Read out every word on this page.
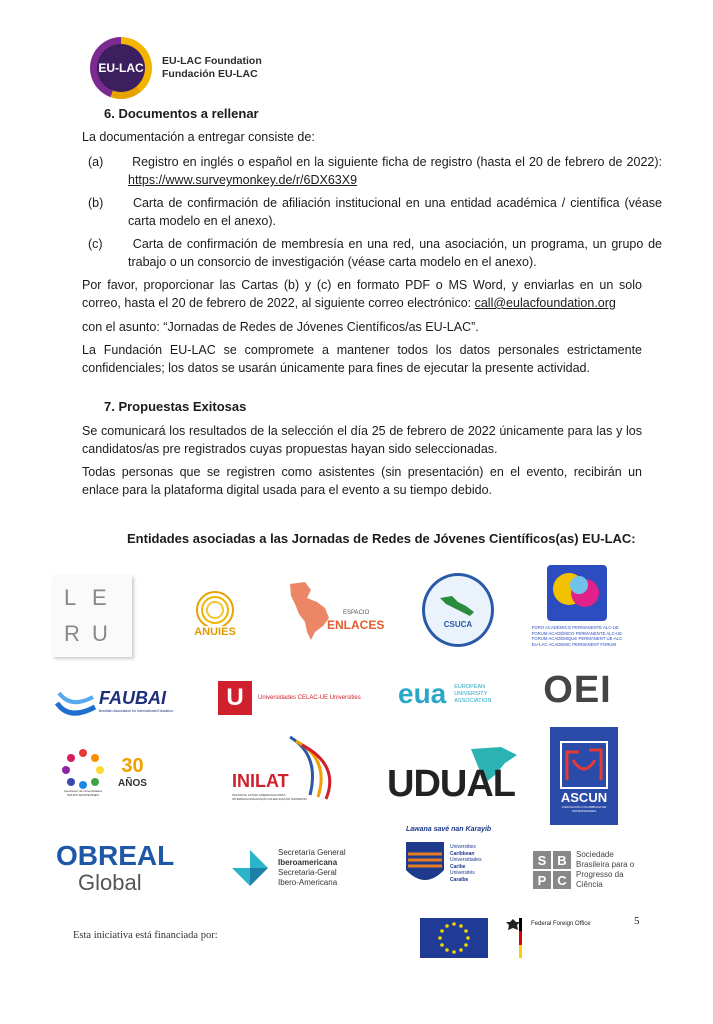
EU-LAC EU-LAC Foundation
Fundación EU-LAC
6. Documentos a rellenar
La documentación a entregar consiste de:
(a) Registro en inglés o español en la siguiente ficha de registro (hasta el 20 de febrero de 2022): https://www.surveymonkey.de/r/6DX63X9
(b) Carta de confirmación de afiliación institucional en una entidad académica / científica (véase carta modelo en el anexo).
(c) Carta de confirmación de membresía en una red, una asociación, un programa, un grupo de trabajo o un consorcio de investigación (véase carta modelo en el anexo).
Por favor, proporcionar las Cartas (b) y (c) en formato PDF o MS Word, y enviarlas en un solo correo, hasta el 20 de febrero de 2022, al siguiente correo electrónico: call@eulacfoundation.org
con el asunto: “Jornadas de Redes de Jóvenes Científicos/as EU-LAC”.
La Fundación EU-LAC se compromete a mantener todos los datos personales estrictamente confidenciales; los datos se usarán únicamente para fines de ejecutar la presente actividad.
7. Propuestas Exitosas
Se comunicará los resultados de la selección el día 25 de febrero de 2022 únicamente para las y los candidatos/as pre registrados cuyas propuestas hayan sido seleccionadas.
Todas personas que se registren como asistentes (sin presentación) en el evento, recibirán un enlace para la plataforma digital usada para el evento a su tiempo debido.
Entidades asociadas a las Jornadas de Redes de Jóvenes Científicos(as) EU-LAC:
L E
R U	ANUIES
ESPACIO
ENLACES	CSUCA	FORO ACADÉMICO PERMANENTE ALC-UE
FORUM ACADÉMICO PERMANENTE ALC-UE
FORUM ACADÉMIQUE PERMANENT UE-ALC
EU-LAC ACADEMIC PERMANENT FORUM
FAUBAI
Brazilian Association for International Education	U	Universidades CELAC-UE Universities eua EUROPEAN
UNIVERSITY
ASSOCIATION OEI
Asociación de Universidades GRUPO MONTEVIDEO
30
AÑOS	INILAT
INICIATIVA LATINO AMERICANA PARA INTERNACIONALIZAÇÃO DA EDUCAÇÃO SUPERIOR UDUAL	ASCUN
ASOCIACIÓN COLOMBIANA DE UNIVERSIDADES
OBREAL
Global
Secretaría General
Iberoamericana
Secretaria-Geral
Ibero-Americana
Lawana savé nan Karayib
Universities
Caribbean
Universidades
Caribe
Universités
Caraïbe
S B
P C
Sociedade
Brasileira para o
Progresso da
Ciência
5
Esta iniciativa está financiada por:
Federal Foreign Office
